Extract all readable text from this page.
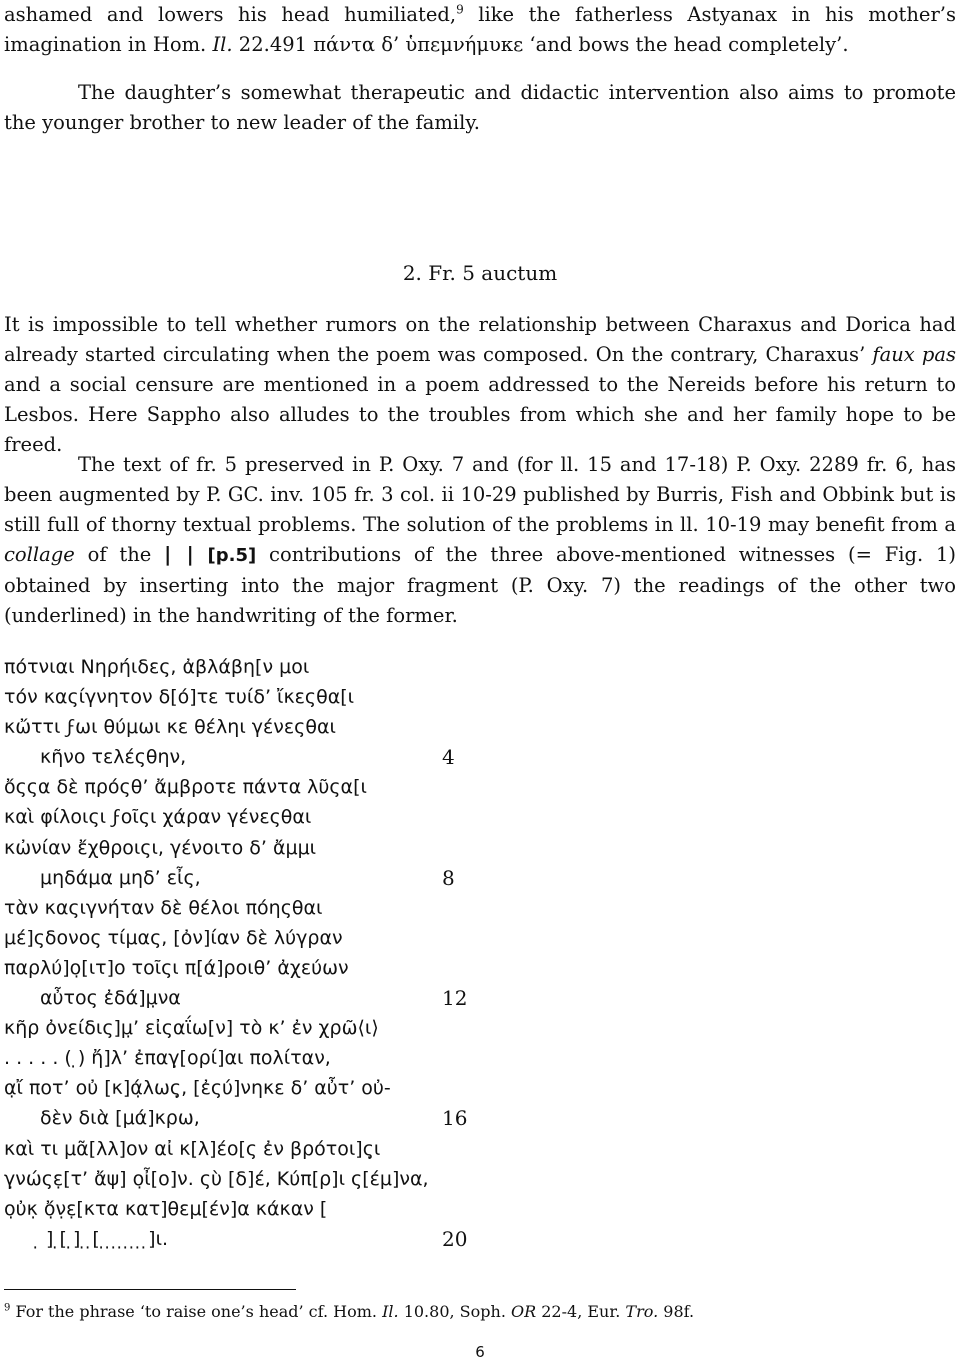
ashamed and lowers his head humiliated,$^9$ like the fatherless Astyanax in his mother’s imagination in Hom. Il. 22.491 πάντα δ’ ὑπεμνήμυκε ‘and bows the head completely’.

The daughter’s somewhat therapeutic and didactic intervention also aims to promote the younger brother to new leader of the family.

2. Fr. 5 auctum

It is impossible to tell whether rumors on the relationship between Charaxus and Dorica had already started circulating when the poem was composed. On the contrary, Charaxus’ faux pas and a social censure are mentioned in a poem addressed to the Nereids before his return to Lesbos. Here Sappho also alludes to the troubles from which she and her family hope to be freed.

The text of fr. 5 preserved in P. Oxy. 7 and (for ll. 15 and 17-18) P. Oxy. 2289 fr. 6, has been augmented by P. GC. inv. 105 fr. 3 col. ii 10-29 published by Burris, Fish and Obbink but is still full of thorny textual problems. The solution of the problems in ll. 10-19 may benefit from a collage of the | | [p.5] contributions of the three above-mentioned witnesses (= Fig. 1) obtained by inserting into the major fragment (P. Oxy. 7) the readings of the other two (underlined) in the handwriting of the former.

πότνιαι Νηρήιδες, ἀβλάβη[ν μοι
τόν καςίγνητον δ[ό]τε τυίδ’ ἴκεςθα[ι
κὤττι ϝωι θύμωι κε θέληι γένεςθαι
κῆνο τελέςθην,	4
ὄςςα δὲ πρόςθ’ ἄμβροτε πάντα λῦςα[ι
καὶ φίλοιςι ϝοῖςι χάραν γένεςθαι
κὠνίαν ἔχθροιςι, γένοιτο δ’ ἄμμι
μηδάμα μηδ’ εἶς,	8
τὰν καςιγνήταν δὲ θέλοι πόηςθαι
μέ]ςδονος τίμας, [ὀν]ίαν δὲ λύγραν
παρλύ]ο̣[ιτ]ο τοῖςι π[ά]ροιθ’ ἀχεύων
αὖτος ἐδά]μ̣να	12
κῆρ ὀνείδις]μ̣’ εἰςαΐω[ν] τὸ κ’ ἐν χρῶ⟨ι⟩
. . . . . ( ̣) ἤ]λ’ ἐπαγ̣[ορί]αι πολίταν,
α̣ἴ ποτ’ οὐ [κ]ά̣λως̣, [ἐςύ]νηκε δ’ αὖτ’ οὐ-
δὲν διὰ [μά]κρω,	16
καὶ τι μα̃[λλ]ον αἰ κ[λ]έο[ς ἐν βρότοι]ς̣ι
γ̣νώςε̣[τ’ ἄψ] ο̣ἶ[ο]ν. ςὺ [δ]έ, Κύπ[ρ]ι ς[έμ]να,
ο̣ὐκ̣ ὄ̣ν̣ε̣[κτα κατ]θεμ[έν]α κάκαν [
̣ ] ̣[ ̣] ̣ ̣[ ̣ ̣ ̣ ̣ ̣ ̣ ̣ ̣]ι.	20

$^9$ For the phrase ‘to raise one’s head’ cf. Hom. Il. 10.80, Soph. OR 22-4, Eur. Tro. 98f.

6
